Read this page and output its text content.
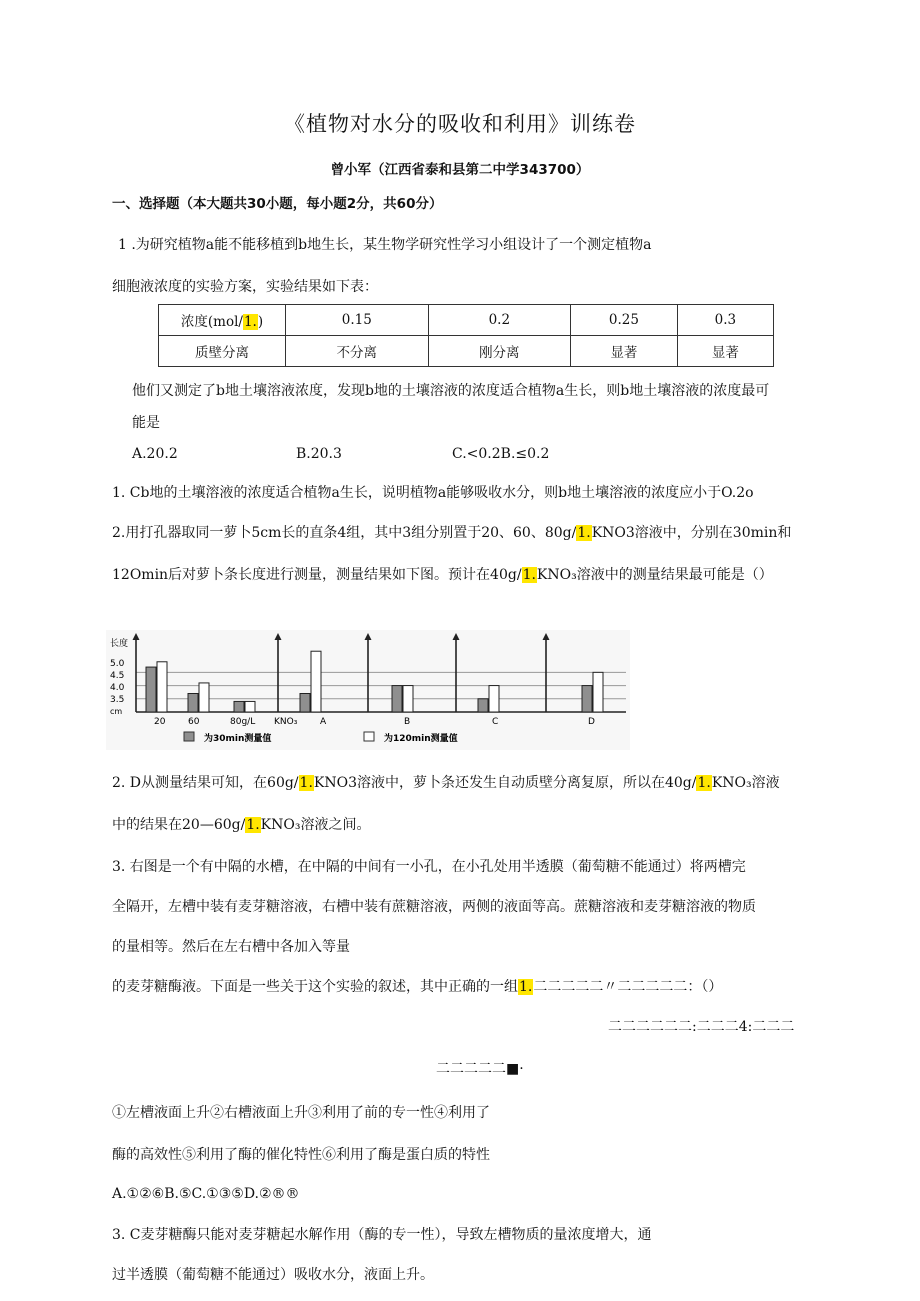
《植物对水分的吸收和利用》训练卷
曾小军（江西省泰和县第二中学343700）
一、选择题（本大题共30小题，每小题2分，共60分）
1 .为研究植物a能不能移植到b地生长，某生物学研究性学习小组设计了一个测定植物a
细胞液浓度的实验方案，实验结果如下表：
浓度(mol/1.)	0.15	0.2	0.25	0.3
质壁分离	不分离	刚分离	显著	显著
他们又测定了b地土壤溶液浓度，发现b地的土壤溶液的浓度适合植物a生长，则b地土壤溶液的浓度最可
能是
A.20.2	B.20.3	C.<0.2B.≤0.2
1. Cb地的土壤溶液的浓度适合植物a生长，说明植物a能够吸收水分，则b地土壤溶液的浓度应小于O.2o
2.用打孔器取同一萝卜5cm长的直条4组，其中3组分别置于20、60、80g/1.KNO3溶液中，分别在30min和
12Omin后对萝卜条长度进行测量，测量结果如下图。预计在40g/1.KNO₃溶液中的测量结果最可能是（）
长度
5.0
4.5
4.0
3.5
cm
20	60	80g/L KNO₃	A	B	C	D
为30min测量值	为120min测量值
2. D从测量结果可知，在60g/1.KNO3溶液中，萝卜条还发生自动质壁分离复原，所以在40g/1.KNO₃溶液
中的结果在20—60g/1.KNO₃溶液之间。
3. 右图是一个有中隔的水槽，在中隔的中间有一小孔，在小孔处用半透膜（葡萄糖不能通过）将两槽完
全隔开，左槽中装有麦芽糖溶液，右槽中装有蔗糖溶液，两侧的液面等高。蔗糖溶液和麦芽糖溶液的物质
的量相等。然后在左右槽中各加入等量
的麦芽糖酶液。下面是一些关于这个实验的叙述，其中正确的一组1.二二二二二〃二二二二二：（）
二二二二二二:二二二4:二二二
二二二二二■·
①左槽液面上升②右槽液面上升③利用了前的专一性④利用了
酶的高效性⑤利用了酶的催化特性⑥利用了酶是蛋白质的特性
A.①②⑥B.⑤C.①③⑤D.②®®
3. C麦芽糖酶只能对麦芽糖起水解作用（酶的专一性），导致左槽物质的量浓度增大，通
过半透膜（葡萄糖不能通过）吸收水分，液面上升。
